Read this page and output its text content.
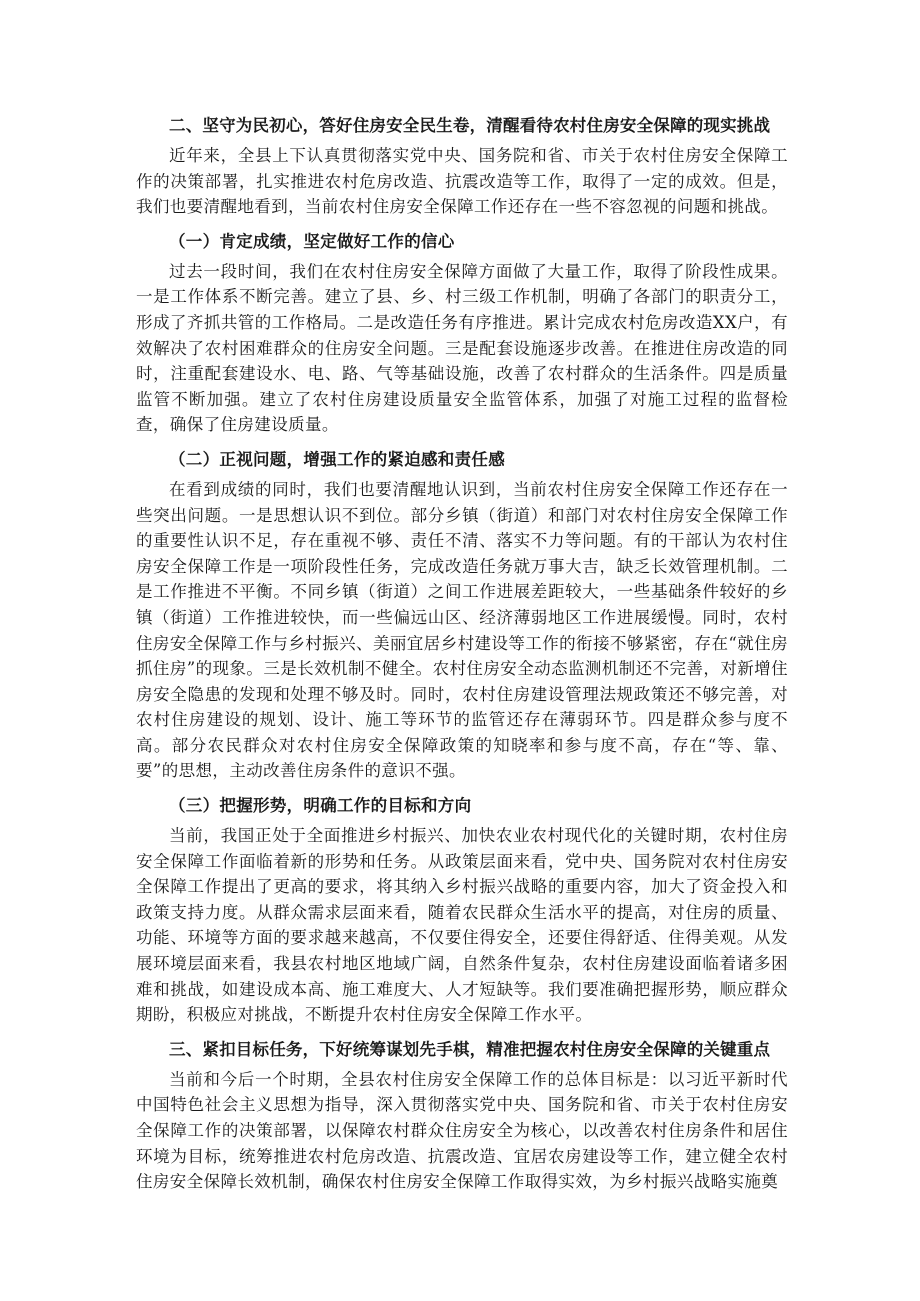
二、坚守为民初心，答好住房安全民生卷，清醒看待农村住房安全保障的现实挑战

近年来，全县上下认真贯彻落实党中央、国务院和省、市关于农村住房安全保障工作的决策部署，扎实推进农村危房改造、抗震改造等工作，取得了一定的成效。但是，我们也要清醒地看到，当前农村住房安全保障工作还存在一些不容忽视的问题和挑战。

（一）肯定成绩，坚定做好工作的信心

过去一段时间，我们在农村住房安全保障方面做了大量工作，取得了阶段性成果。一是工作体系不断完善。建立了县、乡、村三级工作机制，明确了各部门的职责分工，形成了齐抓共管的工作格局。二是改造任务有序推进。累计完成农村危房改造XX户，有效解决了农村困难群众的住房安全问题。三是配套设施逐步改善。在推进住房改造的同时，注重配套建设水、电、路、气等基础设施，改善了农村群众的生活条件。四是质量监管不断加强。建立了农村住房建设质量安全监管体系，加强了对施工过程的监督检查，确保了住房建设质量。

（二）正视问题，增强工作的紧迫感和责任感

在看到成绩的同时，我们也要清醒地认识到，当前农村住房安全保障工作还存在一些突出问题。一是思想认识不到位。部分乡镇（街道）和部门对农村住房安全保障工作的重要性认识不足，存在重视不够、责任不清、落实不力等问题。有的干部认为农村住房安全保障工作是一项阶段性任务，完成改造任务就万事大吉，缺乏长效管理机制。二是工作推进不平衡。不同乡镇（街道）之间工作进展差距较大，一些基础条件较好的乡镇（街道）工作推进较快，而一些偏远山区、经济薄弱地区工作进展缓慢。同时，农村住房安全保障工作与乡村振兴、美丽宜居乡村建设等工作的衔接不够紧密，存在“就住房抓住房”的现象。三是长效机制不健全。农村住房安全动态监测机制还不完善，对新增住房安全隐患的发现和处理不够及时。同时，农村住房建设管理法规政策还不够完善，对农村住房建设的规划、设计、施工等环节的监管还存在薄弱环节。四是群众参与度不高。部分农民群众对农村住房安全保障政策的知晓率和参与度不高，存在“等、靠、要”的思想，主动改善住房条件的意识不强。

（三）把握形势，明确工作的目标和方向

当前，我国正处于全面推进乡村振兴、加快农业农村现代化的关键时期，农村住房安全保障工作面临着新的形势和任务。从政策层面来看，党中央、国务院对农村住房安全保障工作提出了更高的要求，将其纳入乡村振兴战略的重要内容，加大了资金投入和政策支持力度。从群众需求层面来看，随着农民群众生活水平的提高，对住房的质量、功能、环境等方面的要求越来越高，不仅要住得安全，还要住得舒适、住得美观。从发展环境层面来看，我县农村地区地域广阔，自然条件复杂，农村住房建设面临着诸多困难和挑战，如建设成本高、施工难度大、人才短缺等。我们要准确把握形势，顺应群众期盼，积极应对挑战，不断提升农村住房安全保障工作水平。

三、紧扣目标任务，下好统筹谋划先手棋，精准把握农村住房安全保障的关键重点

当前和今后一个时期，全县农村住房安全保障工作的总体目标是：以习近平新时代中国特色社会主义思想为指导，深入贯彻落实党中央、国务院和省、市关于农村住房安全保障工作的决策部署，以保障农村群众住房安全为核心，以改善农村住房条件和居住环境为目标，统筹推进农村危房改造、抗震改造、宜居农房建设等工作，建立健全农村住房安全保障长效机制，确保农村住房安全保障工作取得实效，为乡村振兴战略实施奠
